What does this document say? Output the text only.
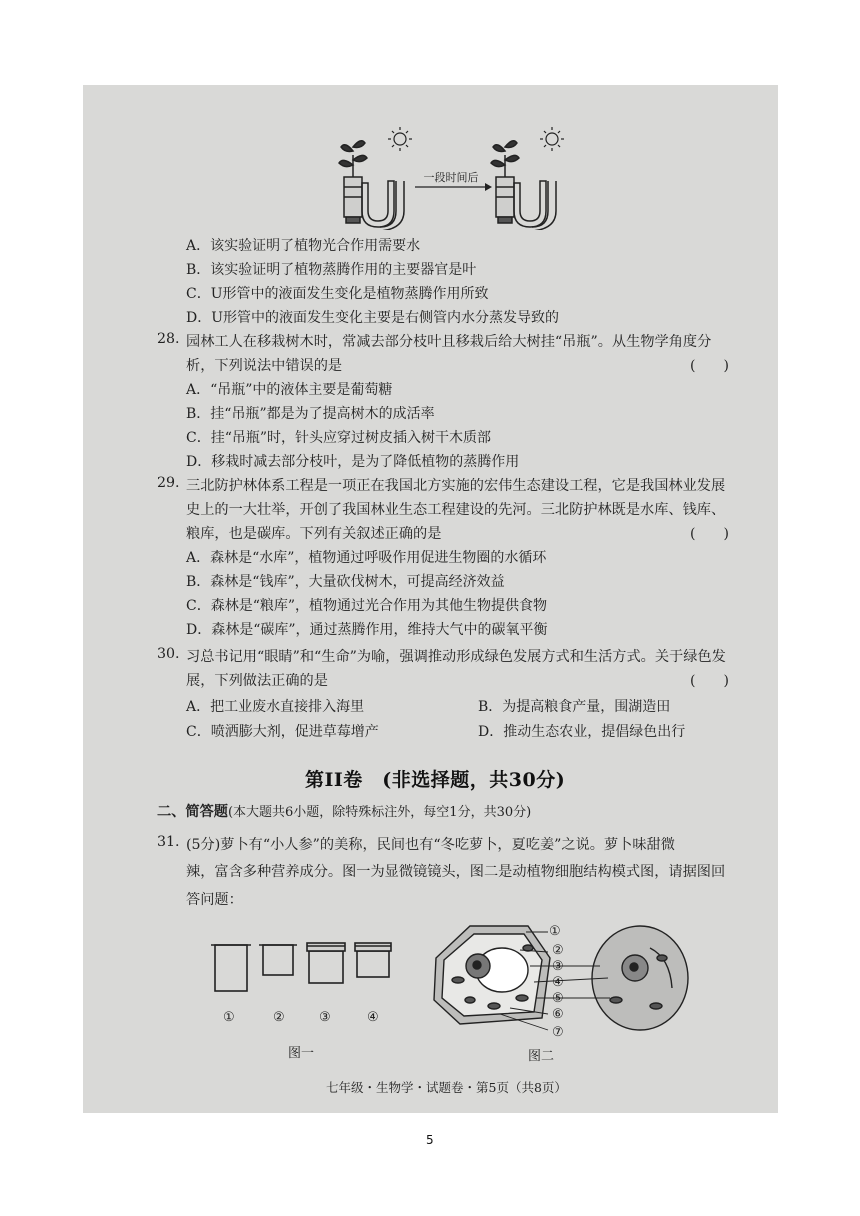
一段时间后
A．该实验证明了植物光合作用需要水
B．该实验证明了植物蒸腾作用的主要器官是叶
C．U形管中的液面发生变化是植物蒸腾作用所致
D．U形管中的液面发生变化主要是右侧管内水分蒸发导致的
28. 园林工人在移栽树木时，常减去部分枝叶且移栽后给大树挂“吊瓶”。从生物学角度分
析，下列说法中错误的是	(　　)
A．“吊瓶”中的液体主要是葡萄糖
B．挂“吊瓶”都是为了提高树木的成活率
C．挂“吊瓶”时，针头应穿过树皮插入树干木质部
D．移栽时减去部分枝叶，是为了降低植物的蒸腾作用
29. 三北防护林体系工程是一项正在我国北方实施的宏伟生态建设工程，它是我国林业发展
史上的一大壮举，开创了我国林业生态工程建设的先河。三北防护林既是水库、钱库、
粮库，也是碳库。下列有关叙述正确的是	(　　)
A．森林是“水库”，植物通过呼吸作用促进生物圈的水循环
B．森林是“钱库”，大量砍伐树木，可提高经济效益
C．森林是“粮库”，植物通过光合作用为其他生物提供食物
D．森林是“碳库”，通过蒸腾作用，维持大气中的碳氧平衡
30. 习总书记用“眼睛”和“生命”为喻，强调推动形成绿色发展方式和生活方式。关于绿色发
展，下列做法正确的是	(　　)
A．把工业废水直接排入海里	B．为提高粮食产量，围湖造田
C．喷洒膨大剂，促进草莓增产	D．推动生态农业，提倡绿色出行
第II卷　(非选择题，共30分)
二、简答题(本大题共6小题，除特殊标注外，每空1分，共30分)
31. (5分)萝卜有“小人参”的美称，民间也有“冬吃萝卜，夏吃姜”之说。萝卜味甜微
辣，富含多种营养成分。图一为显微镜镜头，图二是动植物细胞结构模式图，请据图回
答问题：
①	②	③	④
图一
①
②
③
④
⑤
⑥
⑦
图二
七年级・生物学・试题卷・第5页（共8页）
5
